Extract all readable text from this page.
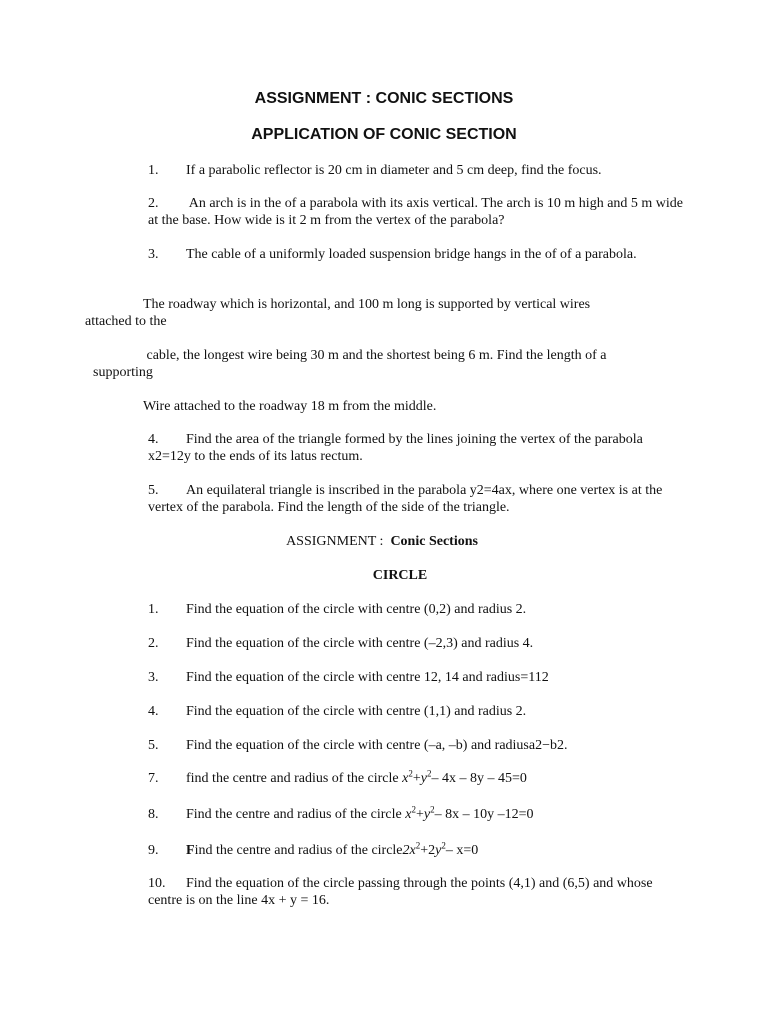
ASSIGNMENT : CONIC SECTIONS
APPLICATION OF CONIC SECTION
1. If a parabolic reflector is 20 cm in diameter and 5 cm deep, find the focus.
2. An arch is in the of a parabola with its axis vertical. The arch is 10 m high and 5 m wide at the base. How wide is it 2 m from the vertex of the parabola?
3. The cable of a uniformly loaded suspension bridge hangs in the of of a parabola.
The roadway which is horizontal, and 100 m long is supported by vertical wires
attached to the
cable, the longest wire being 30 m and the shortest being 6 m. Find the length of a
supporting
Wire attached to the roadway 18 m from the middle.
4. Find the area of the triangle formed by the lines joining the vertex of the parabola x2=12y to the ends of its latus rectum.
5. An equilateral triangle is inscribed in the parabola y2=4ax, where one vertex is at the vertex of the parabola. Find the length of the side of the triangle.
ASSIGNMENT :  Conic Sections
CIRCLE
1. Find the equation of the circle with centre (0,2) and radius 2.
2. Find the equation of the circle with centre (–2,3) and radius 4.
3. Find the equation of the circle with centre 12, 14 and radius=112
4. Find the equation of the circle with centre (1,1) and radius 2.
5. Find the equation of the circle with centre (–a, –b) and radiusa2−b2.
7. find the centre and radius of the circle $x^2+y^2-$ 4x – 8y – 45=0
8. Find the centre and radius of the circle $x^2+y^2-$ 8x – 10y –12=0
9. Find the centre and radius of the $circle2x^2+2y^2-$ x=0
10. Find the equation of the circle passing through the points (4,1) and (6,5) and whose centre is on the line 4x + y = 16.
